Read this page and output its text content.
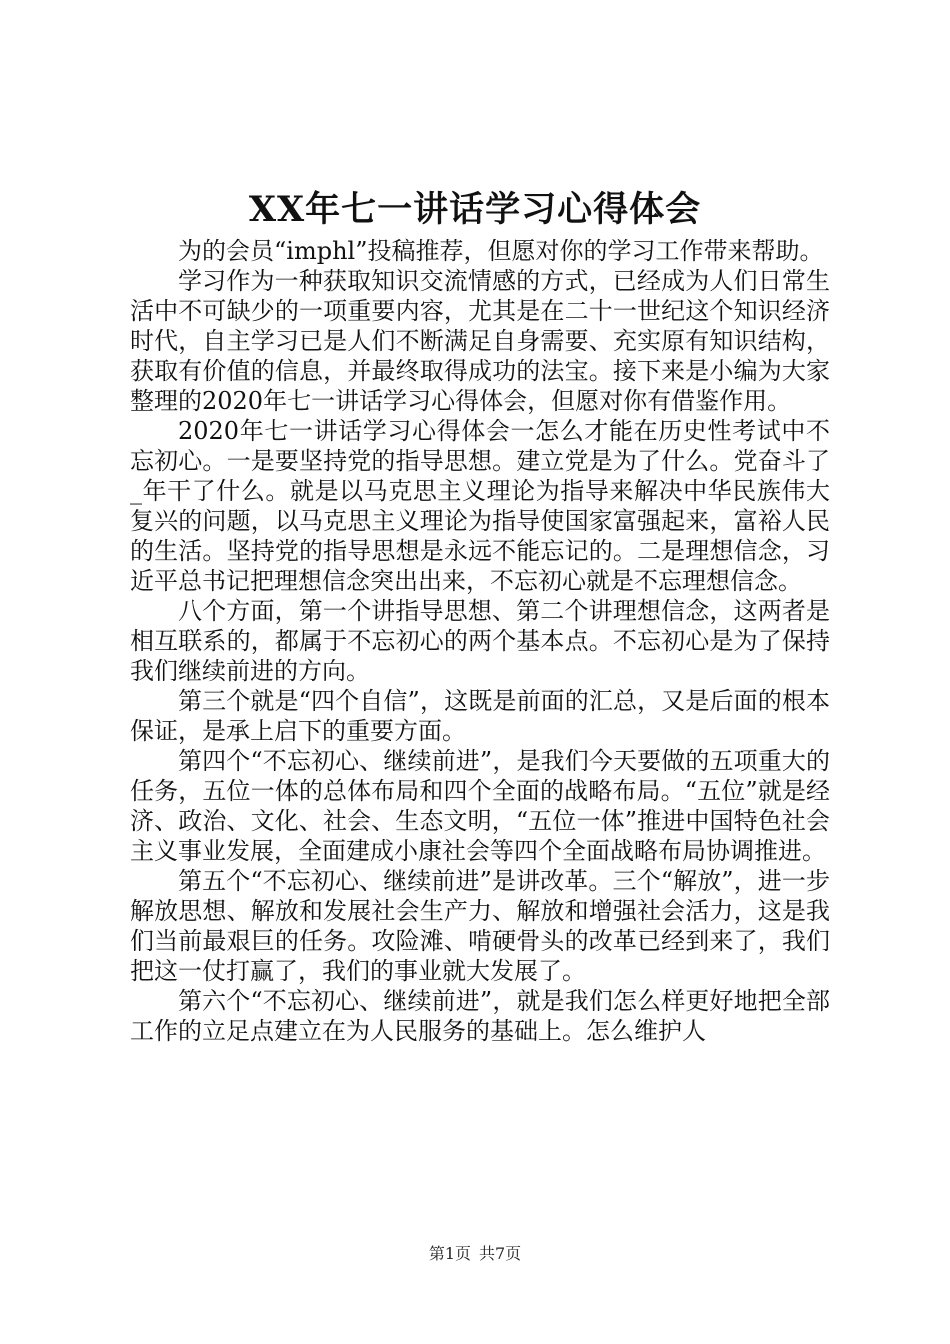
XX年七一讲话学习心得体会

为的会员“imphl”投稿推荐，但愿对你的学习工作带来帮助。

学习作为一种获取知识交流情感的方式，已经成为人们日常生活中不可缺少的一项重要内容，尤其是在二十一世纪这个知识经济时代，自主学习已是人们不断满足自身需要、充实原有知识结构，获取有价值的信息，并最终取得成功的法宝。接下来是小编为大家整理的2020年七一讲话学习心得体会，但愿对你有借鉴作用。

2020年七一讲话学习心得体会一怎么才能在历史性考试中不忘初心。一是要坚持党的指导思想。建立党是为了什么。党奋斗了_年干了什么。就是以马克思主义理论为指导来解决中华民族伟大复兴的问题，以马克思主义理论为指导使国家富强起来，富裕人民的生活。坚持党的指导思想是永远不能忘记的。二是理想信念，习近平总书记把理想信念突出出来，不忘初心就是不忘理想信念。

八个方面，第一个讲指导思想、第二个讲理想信念，这两者是相互联系的，都属于不忘初心的两个基本点。不忘初心是为了保持我们继续前进的方向。

第三个就是“四个自信”，这既是前面的汇总，又是后面的根本保证，是承上启下的重要方面。

第四个“不忘初心、继续前进”，是我们今天要做的五项重大的任务，五位一体的总体布局和四个全面的战略布局。“五位”就是经济、政治、文化、社会、生态文明，“五位一体”推进中国特色社会主义事业发展，全面建成小康社会等四个全面战略布局协调推进。

第五个“不忘初心、继续前进”是讲改革。三个“解放”，进一步解放思想、解放和发展社会生产力、解放和增强社会活力，这是我们当前最艰巨的任务。攻险滩、啃硬骨头的改革已经到来了，我们把这一仗打赢了，我们的事业就大发展了。

第六个“不忘初心、继续前进”，就是我们怎么样更好地把全部工作的立足点建立在为人民服务的基础上。怎么维护人

第1页 共7页
